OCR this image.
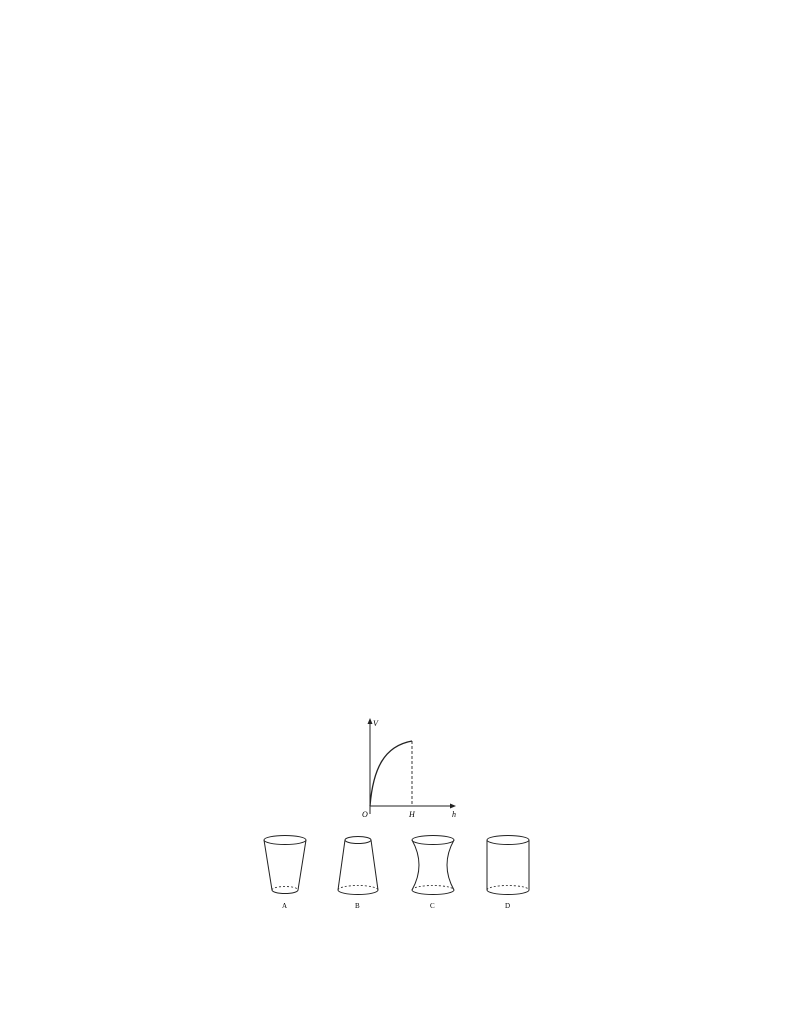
V
h
O	H
A	B	C	D
